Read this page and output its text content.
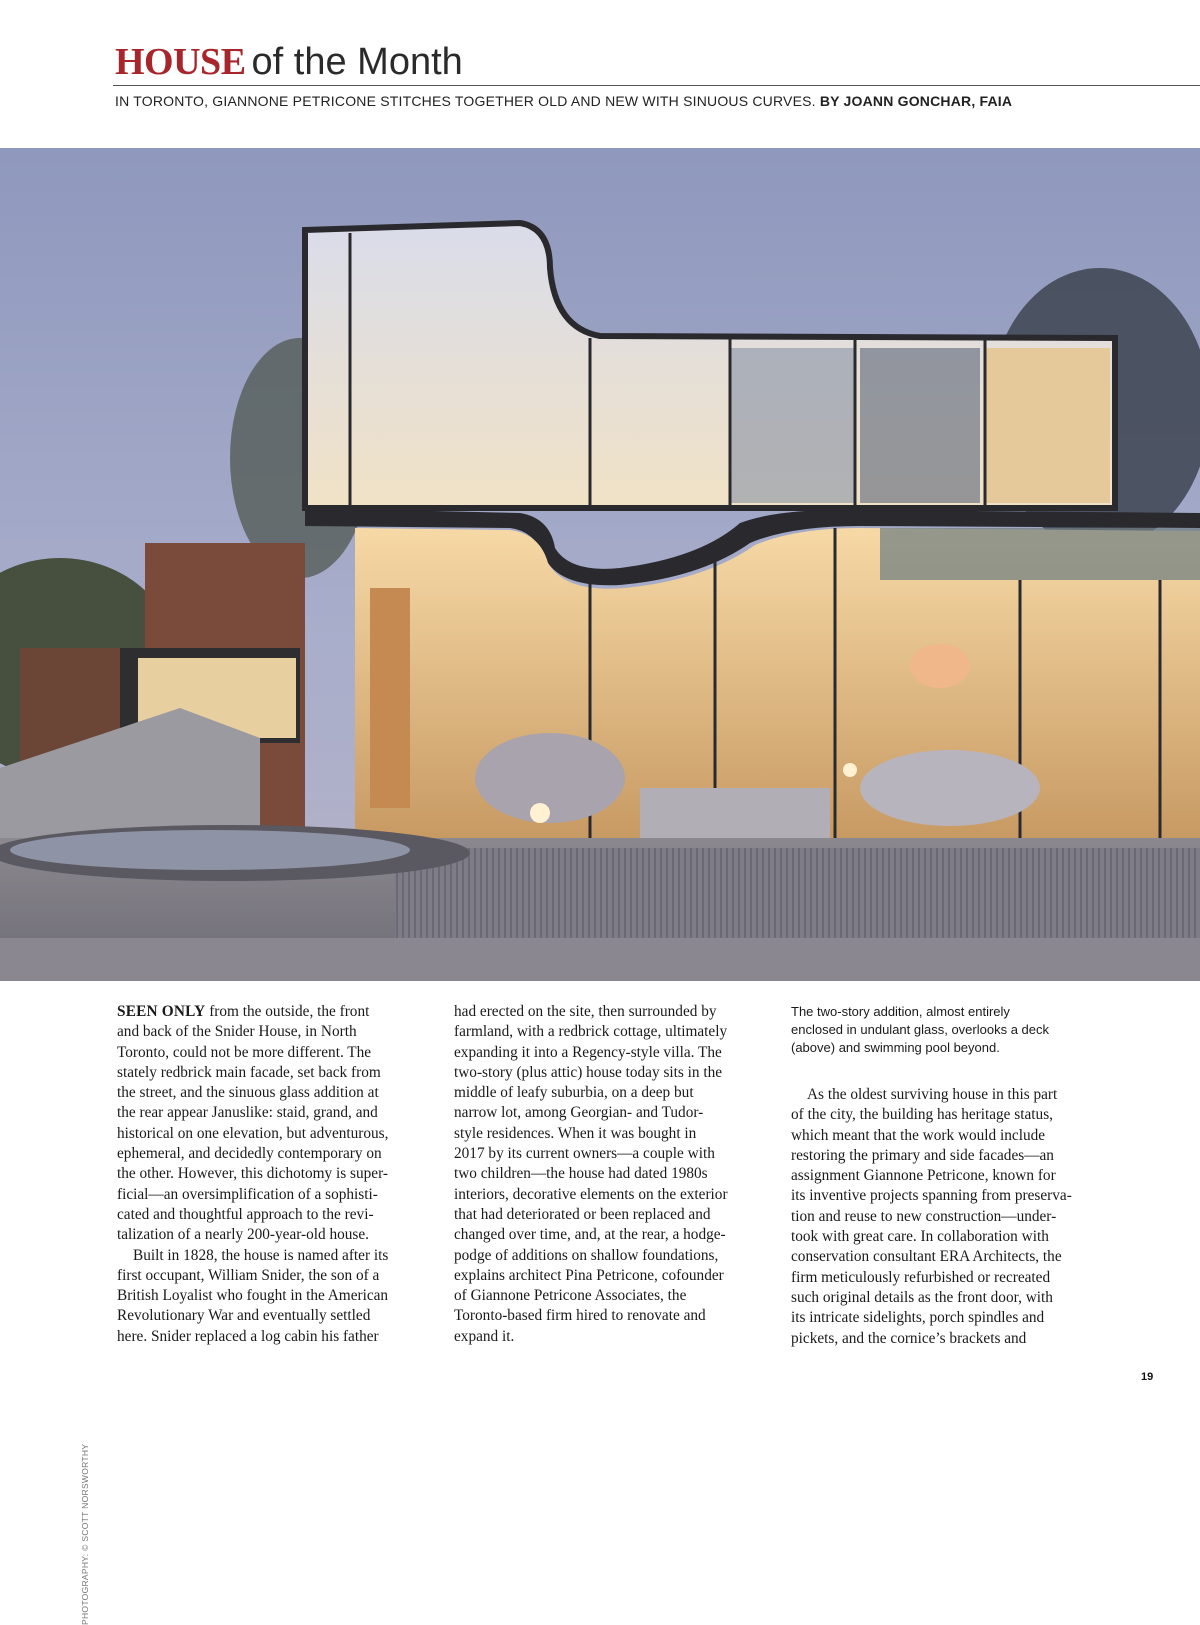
HOUSE of the Month
IN TORONTO, GIANNONE PETRICONE STITCHES TOGETHER OLD AND NEW WITH SINUOUS CURVES. BY JOANN GONCHAR, FAIA
PHOTOGRAPHY: © SCOTT NORSWORTHY

SEEN ONLY from the outside, the front
and back of the Snider House, in North
Toronto, could not be more different. The
stately redbrick main facade, set back from
the street, and the sinuous glass addition at
the rear appear Januslike: staid, grand, and
historical on one elevation, but adventurous,
ephemeral, and decidedly contemporary on
the other. However, this dichotomy is super-
ficial—an oversimplification of a sophisti-
cated and thoughtful approach to the revi-
talization of a nearly 200-year-old house.

Built in 1828, the house is named after its
first occupant, William Snider, the son of a
British Loyalist who fought in the American
Revolutionary War and eventually settled
here. Snider replaced a log cabin his father

had erected on the site, then surrounded by
farmland, with a redbrick cottage, ultimately
expanding it into a Regency-style villa. The
two-story (plus attic) house today sits in the
middle of leafy suburbia, on a deep but
narrow lot, among Georgian- and Tudor-
style residences. When it was bought in
2017 by its current owners—a couple with
two children—the house had dated 1980s
interiors, decorative elements on the exterior
that had deteriorated or been replaced and
changed over time, and, at the rear, a hodge-
podge of additions on shallow foundations,
explains architect Pina Petricone, cofounder
of Giannone Petricone Associates, the
Toronto-based firm hired to renovate and
expand it.

The two-story addition, almost entirely
enclosed in undulant glass, overlooks a deck
(above) and swimming pool beyond.

As the oldest surviving house in this part
of the city, the building has heritage status,
which meant that the work would include
restoring the primary and side facades—an
assignment Giannone Petricone, known for
its inventive projects spanning from preserva-
tion and reuse to new construction—under-
took with great care. In collaboration with
conservation consultant ERA Architects, the
firm meticulously refurbished or recreated
such original details as the front door, with
its intricate sidelights, porch spindles and
pickets, and the cornice’s brackets and

19
